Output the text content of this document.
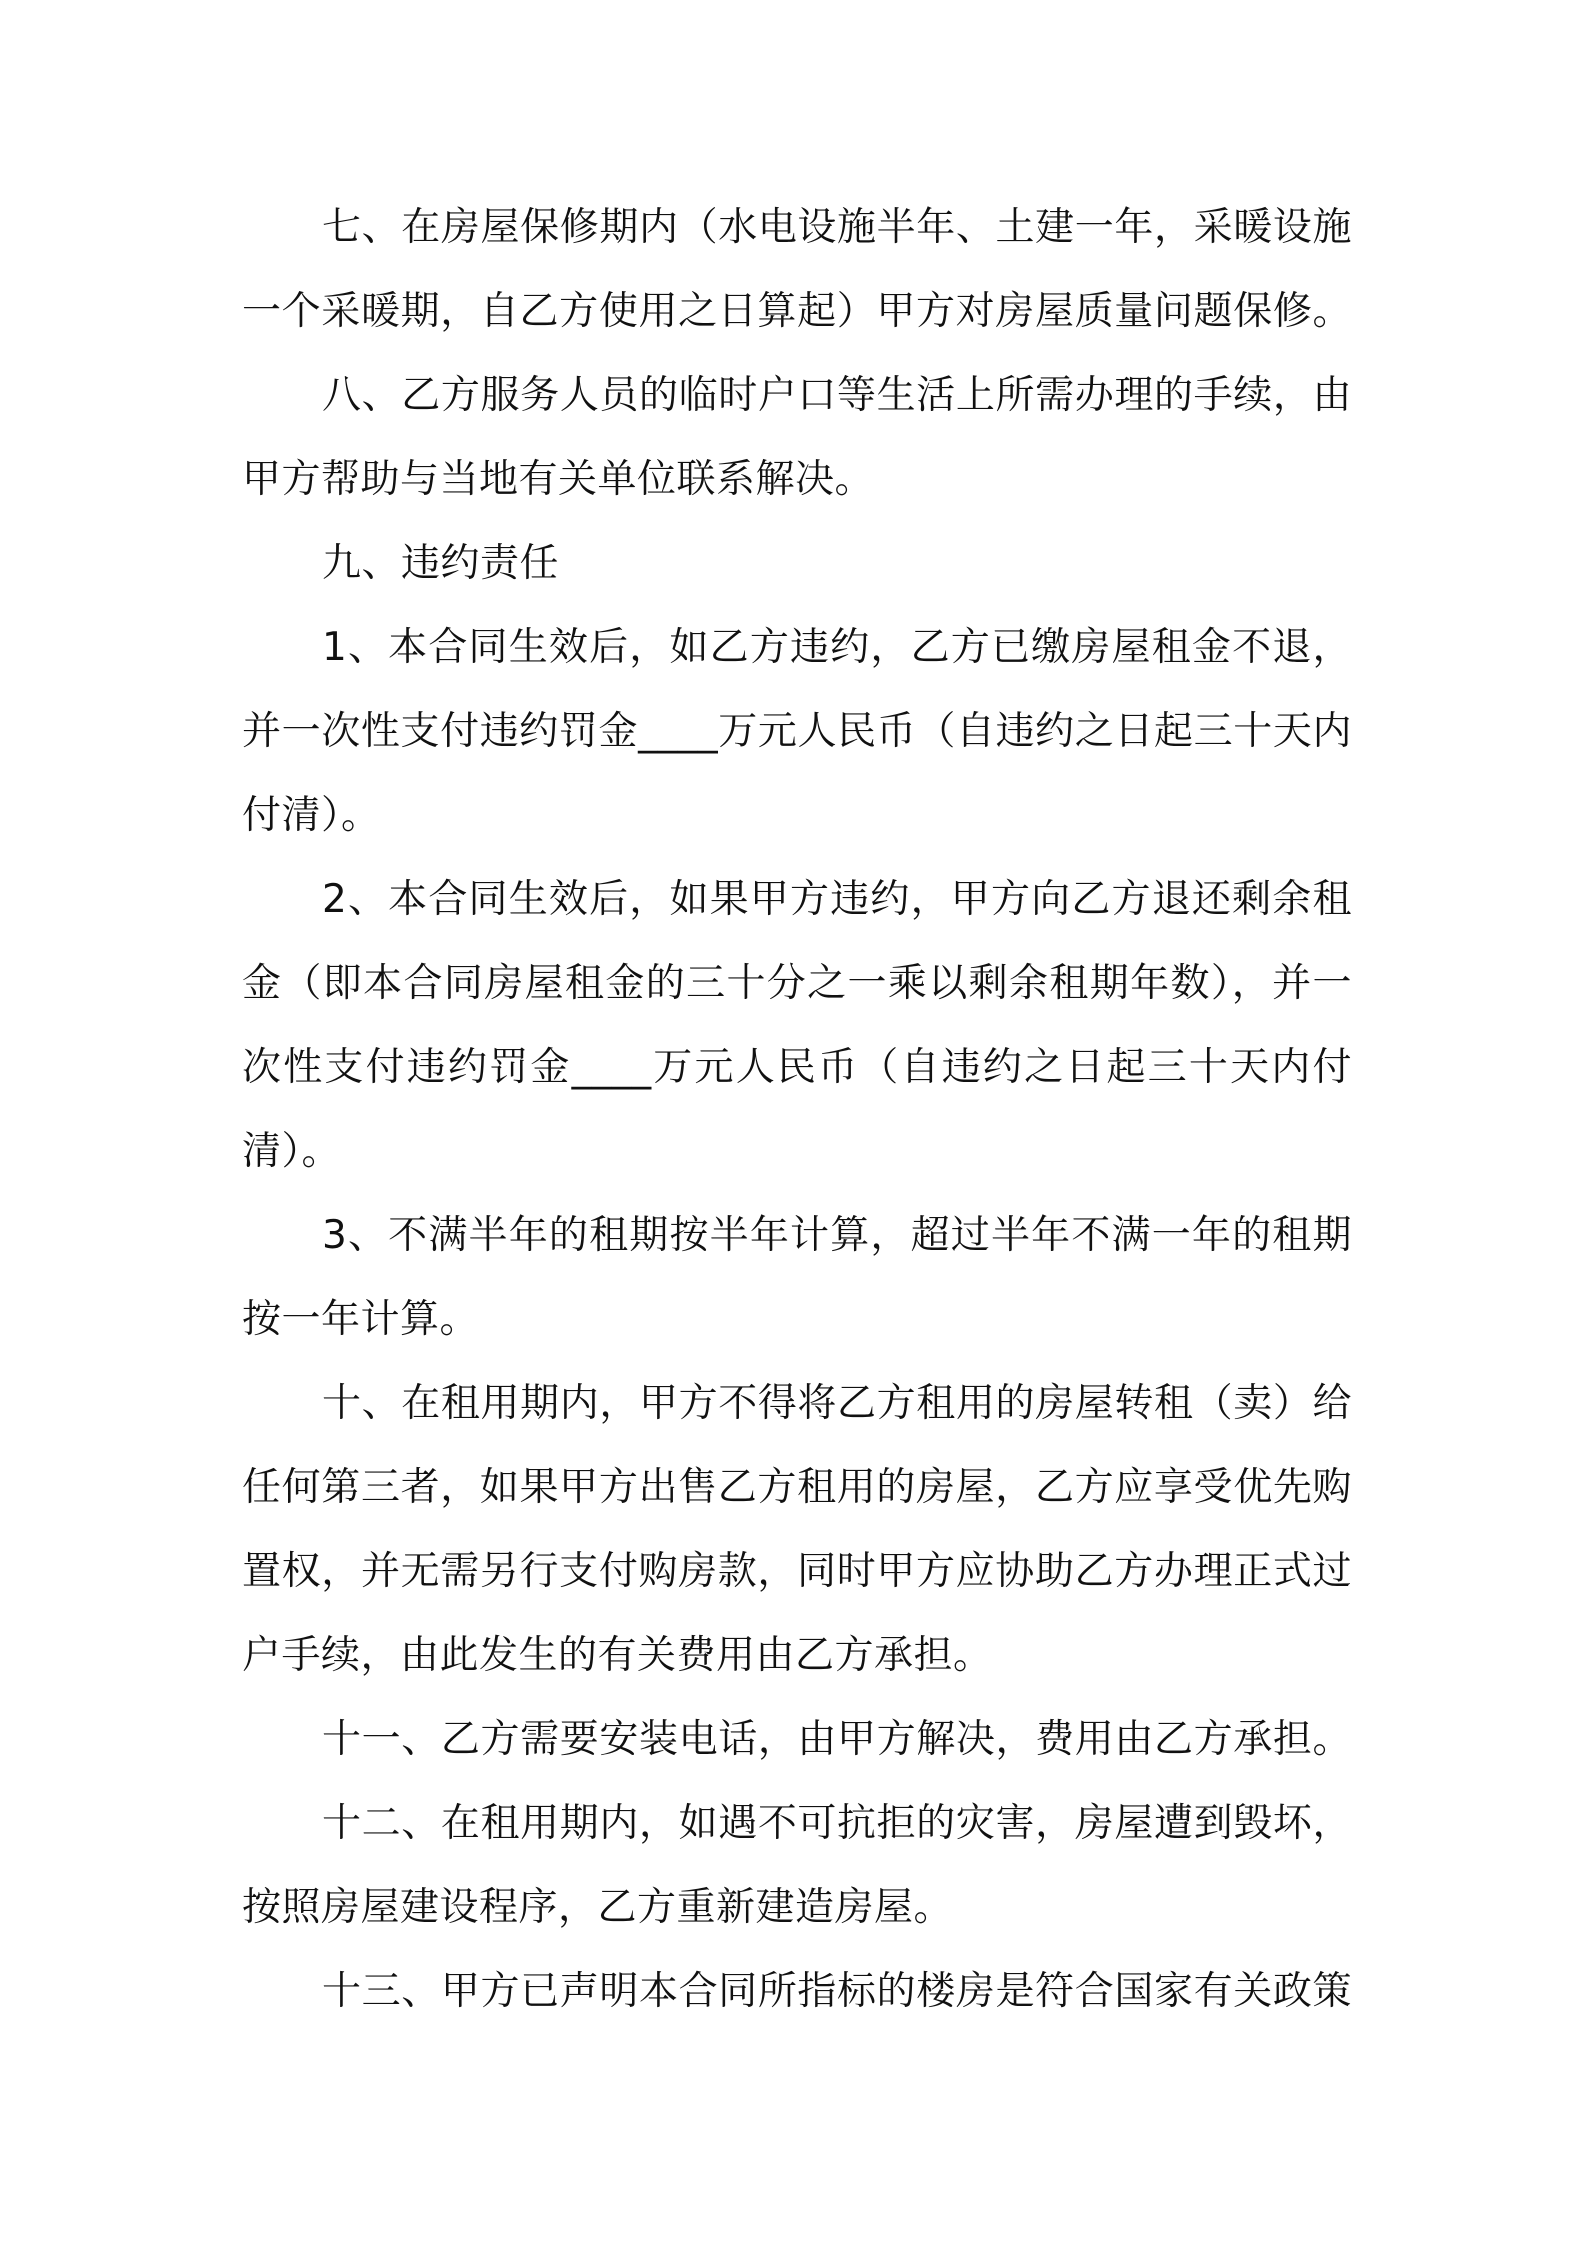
七、在房屋保修期内（水电设施半年、土建一年，采暖设施
一个采暖期，自乙方使用之日算起）甲方对房屋质量问题保修。
八、乙方服务人员的临时户口等生活上所需办理的手续，由
甲方帮助与当地有关单位联系解决。
九、违约责任
1、本合同生效后，如乙方违约，乙方已缴房屋租金不退，
并一次性支付违约罚金____万元人民币（自违约之日起三十天内
付清）。
2、本合同生效后，如果甲方违约，甲方向乙方退还剩余租
金（即本合同房屋租金的三十分之一乘以剩余租期年数），并一
次性支付违约罚金____万元人民币（自违约之日起三十天内付
清）。
3、不满半年的租期按半年计算，超过半年不满一年的租期
按一年计算。
十、在租用期内，甲方不得将乙方租用的房屋转租（卖）给
任何第三者，如果甲方出售乙方租用的房屋，乙方应享受优先购
置权，并无需另行支付购房款，同时甲方应协助乙方办理正式过
户手续，由此发生的有关费用由乙方承担。
十一、乙方需要安装电话，由甲方解决，费用由乙方承担。
十二、在租用期内，如遇不可抗拒的灾害，房屋遭到毁坏，
按照房屋建设程序，乙方重新建造房屋。
十三、甲方已声明本合同所指标的楼房是符合国家有关政策
